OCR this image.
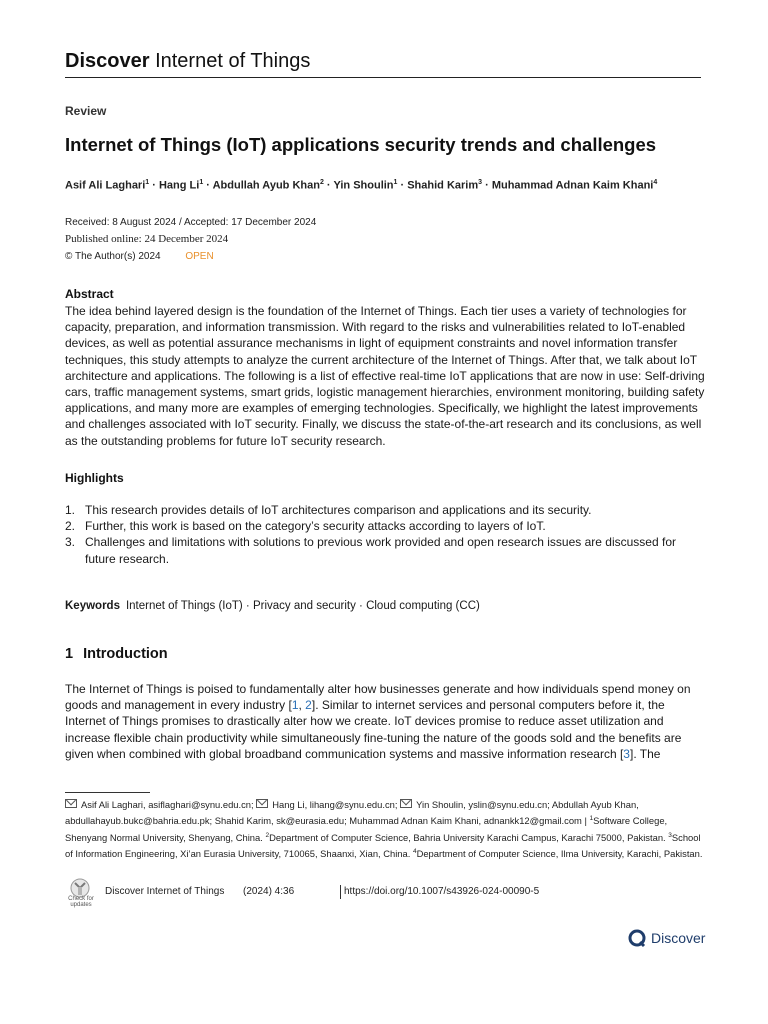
Discover Internet of Things
Review
Internet of Things (IoT) applications security trends and challenges
Asif Ali Laghari$^1$ · Hang $Li^1$ · Abdullah Ayub Khan$^2$ · Yin Shoulin$^1$ · Shahid Karim$^3$ · Muhammad Adnan Kaim Khani$^4$
Received: 8 August 2024 / Accepted: 17 December 2024
Published online: 24 December 2024
© The Author(s) 2024 OPEN
Abstract
The idea behind layered design is the foundation of the Internet of Things. Each tier uses a variety of technologies for capacity, preparation, and information transmission. With regard to the risks and vulnerabilities related to IoT-enabled devices, as well as potential assurance mechanisms in light of equipment constraints and novel information transfer techniques, this study attempts to analyze the current architecture of the Internet of Things. After that, we talk about IoT architecture and applications. The following is a list of effective real-time IoT applications that are now in use: Self-driving cars, traffic management systems, smart grids, logistic management hierarchies, environment monitoring, building safety applications, and many more are examples of emerging technologies. Specifically, we highlight the latest improvements and challenges associated with IoT security. Finally, we discuss the state-of-the-art research and its conclusions, as well as the outstanding problems for future IoT security research.
Highlights
1. This research provides details of IoT architectures comparison and applications and its security.
2. Further, this work is based on the category’s security attacks according to layers of IoT.
3. Challenges and limitations with solutions to previous work provided and open research issues are discussed for future research.
Keywords Internet of Things (IoT) · Privacy and security · Cloud computing (CC)
1 Introduction
The Internet of Things is poised to fundamentally alter how businesses generate and how individuals spend money on goods and management in every industry [1, 2]. Similar to internet services and personal computers before it, the Internet of Things promises to drastically alter how we create. IoT devices promise to reduce asset utilization and increase flexible chain productivity while simultaneously fine-tuning the nature of the goods sold and the benefits are given when combined with global broadband communication systems and massive information research [3]. The
Asif Ali Laghari, asiflaghari@synu.edu.cn; Hang Li, lihang@synu.edu.cn; Yin Shoulin, yslin@synu.edu.cn; Abdullah Ayub Khan, abdullahayub.bukc@bahria.edu.pk; Shahid Karim, sk@eurasia.edu; Muhammad Adnan Kaim Khani, adnankk12@gmail.com | $^1$Software College, Shenyang Normal University, Shenyang, China. $^2$Department of Computer Science, Bahria University Karachi Campus, Karachi 75000, Pakistan. $^3$School of Information Engineering, Xi’an Eurasia University, 710065, Shaanxi, Xian, China. $^4$Department of Computer Science, Ilma University, Karachi, Pakistan.
Check for updates
Discover Internet of Things (2024) 4:36	https://doi.org/10.1007/s43926-024-00090-5
Discover
